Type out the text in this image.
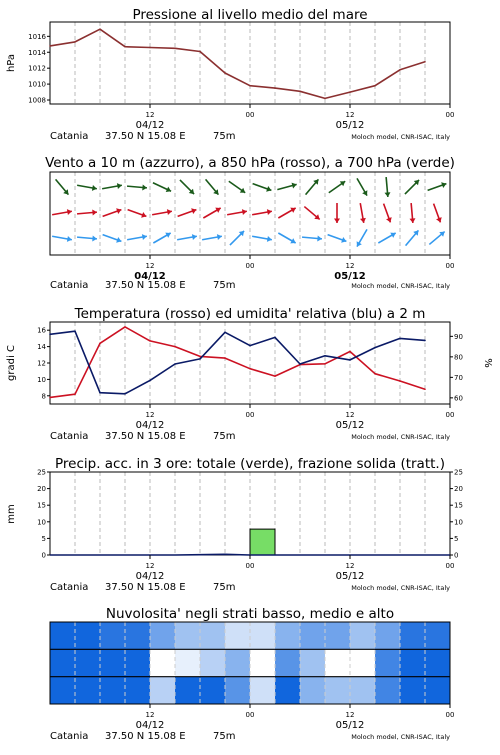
Pressione al livello medio del mare
1008
1010
1012
1014
1016
hPa
12	00	12	00
04/12	05/12
Catania 37.50 N 15.08 E	75m	Moloch model, CNR-ISAC, Italy
Vento a 10 m (azzurro), a 850 hPa (rosso), a 700 hPa (verde)
12	00	12	00
04/12	05/12
Catania 37.50 N 15.08 E	75m	Moloch model, CNR-ISAC, Italy
Temperatura (rosso) ed umidita' relativa (blu) a 2 m
8
10
12
14
16
gradi C
60
70
80
90
%
12	00	12	00
04/12	05/12
Catania 37.50 N 15.08 E	75m	Moloch model, CNR-ISAC, Italy
Precip. acc. in 3 ore: totale (verde), frazione solida (tratt.)
0
5
10
15
20
25
mm
0
5
10
15
20
25
12	00	12	00
04/12	05/12
Catania 37.50 N 15.08 E	75m	Moloch model, CNR-ISAC, Italy
Nuvolosita' negli strati basso, medio e alto
12	00	12	00
04/12	05/12
Catania 37.50 N 15.08 E	75m	Moloch model, CNR-ISAC, Italy
